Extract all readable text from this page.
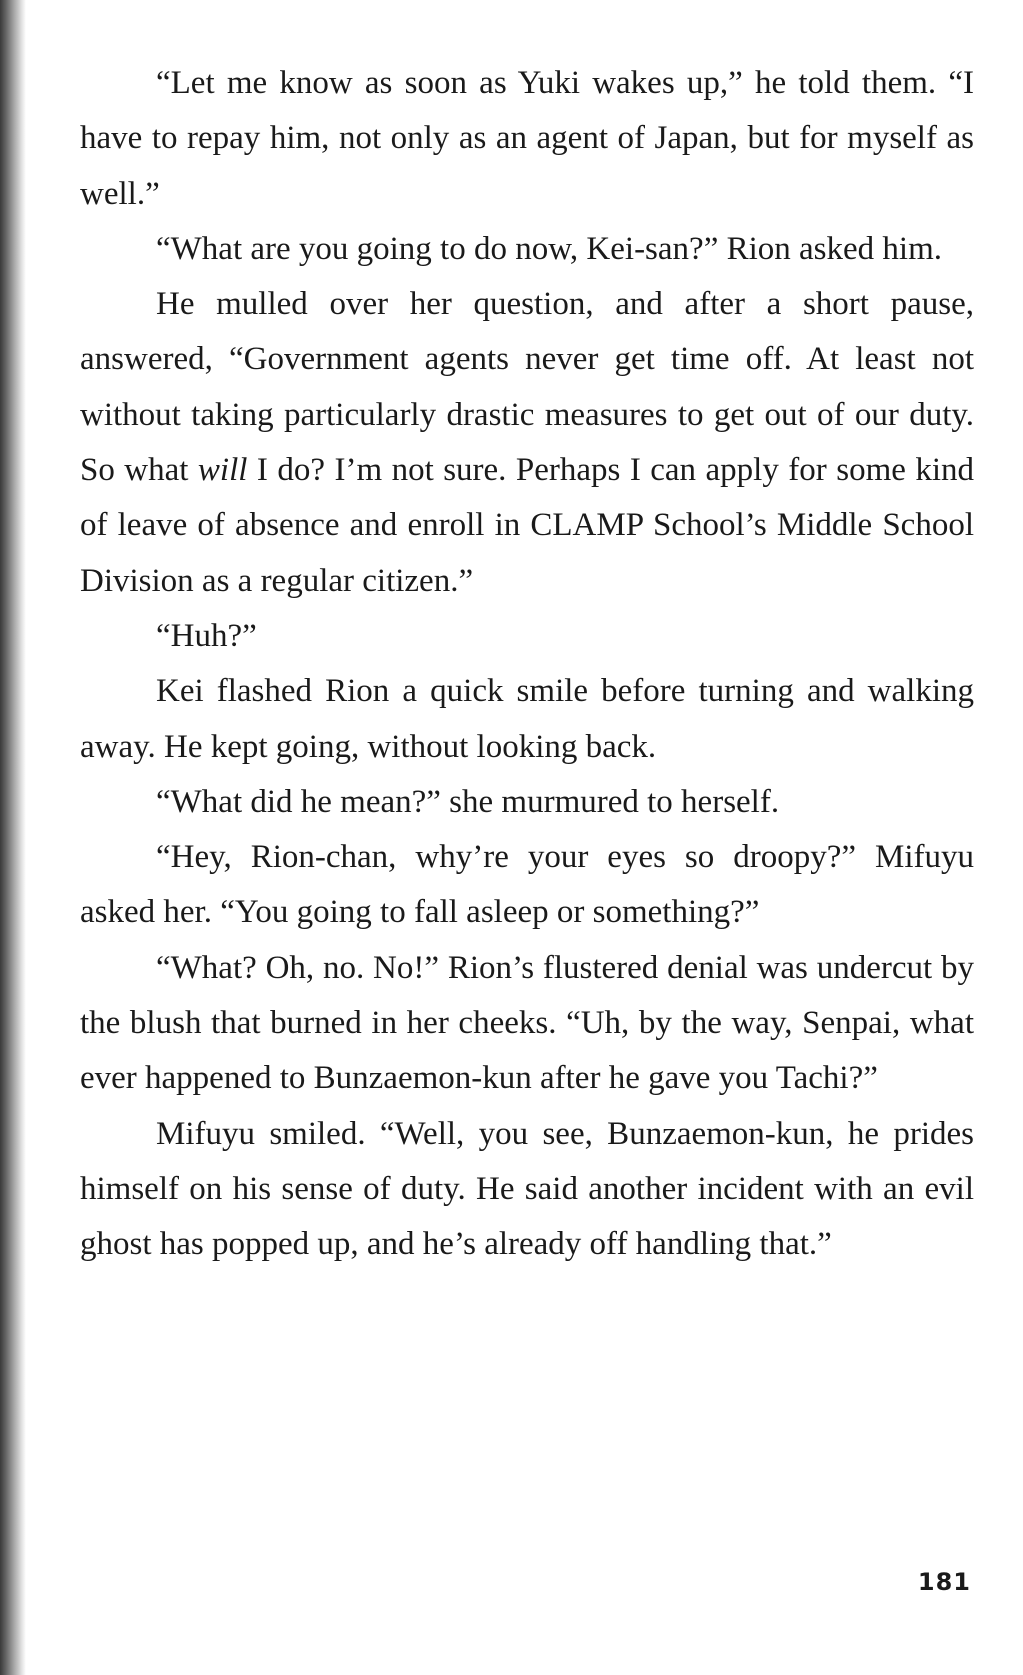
“Let me know as soon as Yuki wakes up,” he told them. “I have to repay him, not only as an agent of Japan, but for myself as well.”

“What are you going to do now, Kei-san?” Rion asked him.

He mulled over her question, and after a short pause, answered, “Government agents never get time off. At least not without taking particularly drastic measures to get out of our duty. So what will I do? I’m not sure. Perhaps I can apply for some kind of leave of absence and enroll in CLAMP School’s Middle School Division as a regular citizen.”

“Huh?”

Kei flashed Rion a quick smile before turning and walking away. He kept going, without looking back.

“What did he mean?” she murmured to herself.

“Hey, Rion-chan, why’re your eyes so droopy?” Mifuyu asked her. “You going to fall asleep or something?”

“What? Oh, no. No!” Rion’s flustered denial was undercut by the blush that burned in her cheeks. “Uh, by the way, Senpai, what ever happened to Bunzaemon-kun after he gave you Tachi?”

Mifuyu smiled. “Well, you see, Bunzaemon-kun, he prides himself on his sense of duty. He said another incident with an evil ghost has popped up, and he’s already off handling that.”

181
